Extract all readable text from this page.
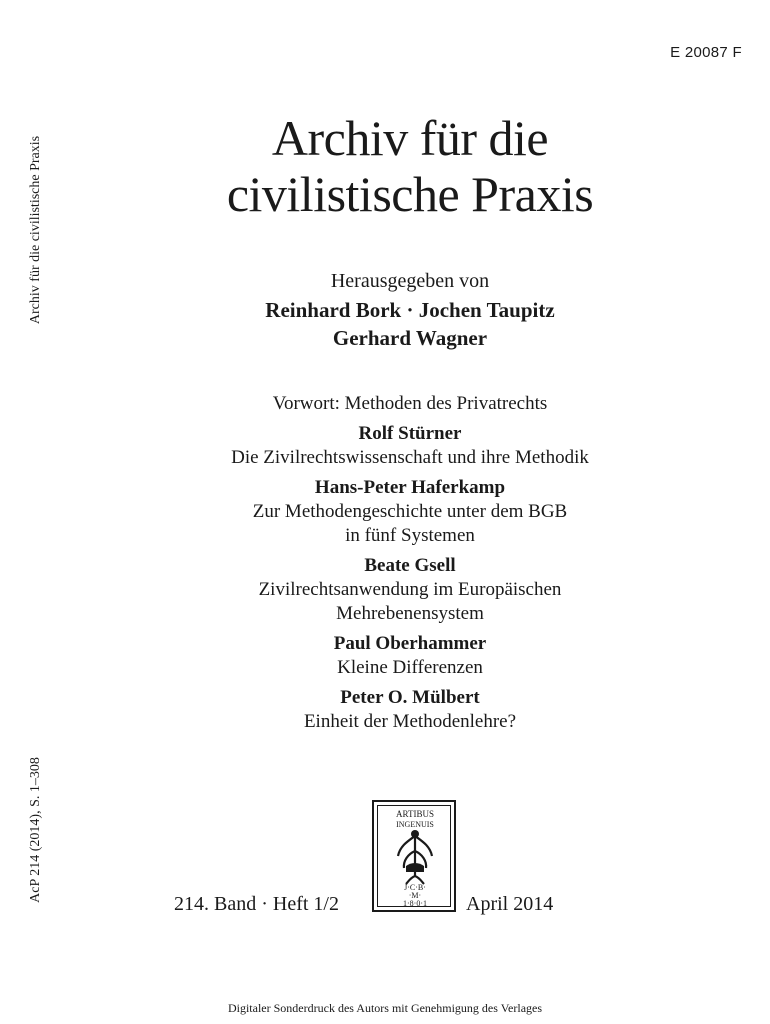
E 20087 F
Archiv für die civilistische Praxis
AcP 214 (2014), S. 1–308
Archiv für die
civilistische Praxis
Herausgegeben von
Reinhard Bork · Jochen Taupitz
Gerhard Wagner
Vorwort: Methoden des Privatrechts
Rolf Stürner
Die Zivilrechtswissenschaft und ihre Methodik
Hans-Peter Haferkamp
Zur Methodengeschichte unter dem BGB
in fünf Systemen
Beate Gsell
Zivilrechtsanwendung im Europäischen
Mehrebenensystem
Paul Oberhammer
Kleine Differenzen
Peter O. Mülbert
Einheit der Methodenlehre?
ARTIBUS
INGENUIS
J·C·B·
·M·
1·8·0·1
214. Band · Heft 1/2	April 2014
Digitaler Sonderdruck des Autors mit Genehmigung des Verlages
